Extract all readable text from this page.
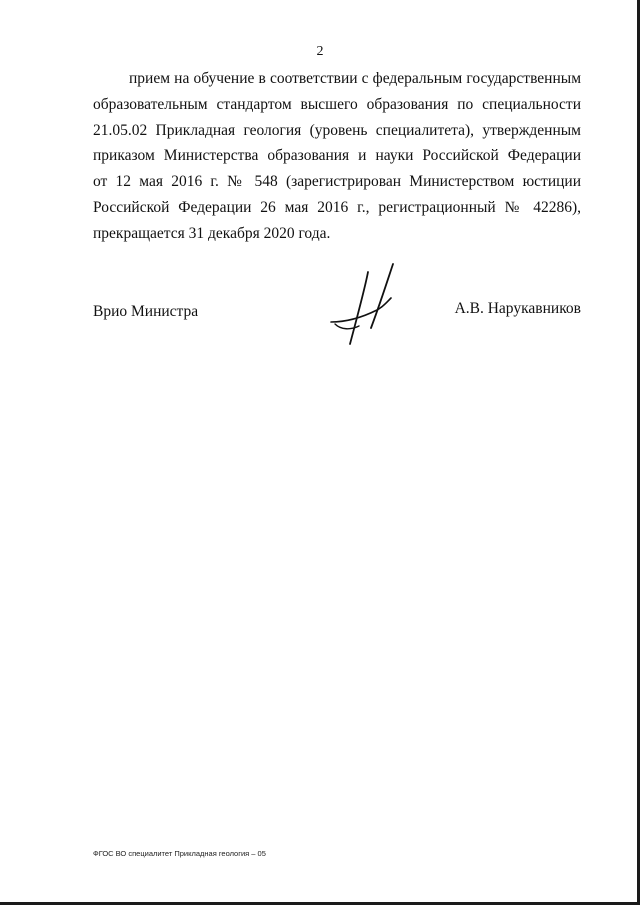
2
прием на обучение в соответствии с федеральным государственным
образовательным стандартом высшего образования по специальности
21.05.02 Прикладная геология (уровень специалитета), утвержденным
приказом Министерства образования и науки Российской Федерации
от 12 мая 2016 г. № 548 (зарегистрирован Министерством юстиции
Российской Федерации 26 мая 2016 г., регистрационный № 42286),
прекращается 31 декабря 2020 года.
Врио Министра	А.В. Нарукавников
ФГОС ВО специалитет Прикладная геология – 05
